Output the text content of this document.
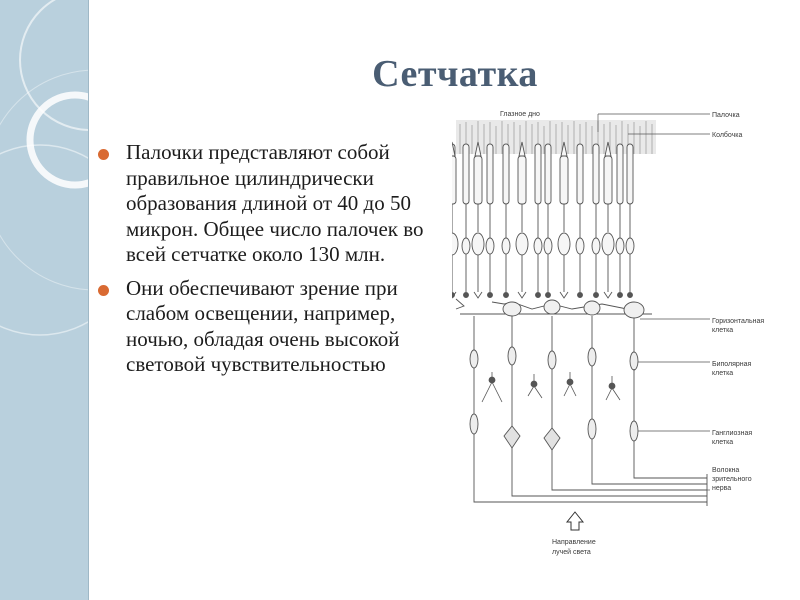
Сетчатка
Палочки представляют собой правильное цилиндрически образования длиной от 40 до 50 микрон. Общее число палочек во всей сетчатке около 130 млн.
Они обеспечивают зрение при слабом освещении, например, ночью, обладая очень высокой световой чувствительностью
Глазное дно	Палочка
Колбочка
Горизонтальная
клетка
Биполярная
клетка
Ганглиозная
клетка
Волокна
зрительного
нерва
Направление
лучей света
